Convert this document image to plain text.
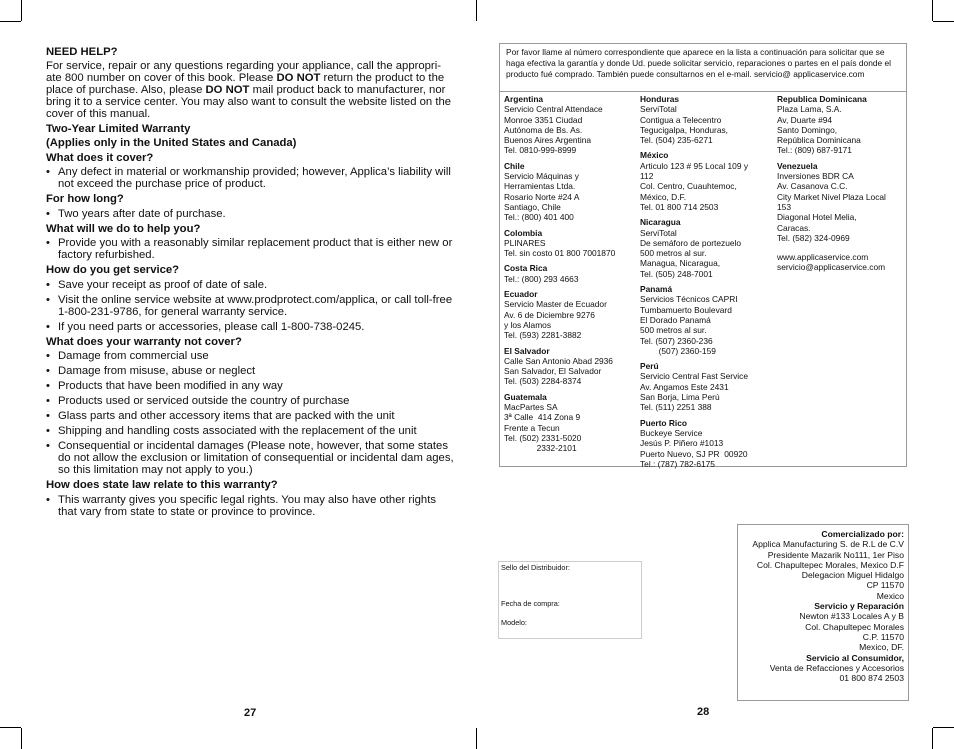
NEED HELP?

For service, repair or any questions regarding your appliance, call the appropri-ate 800 number on cover of this book. Please DO NOT return the product to the place of purchase. Also, please DO NOT mail product back to manufacturer, nor bring it to a service center. You may also want to consult the website listed on the cover of this manual.

Two-Year Limited Warranty
(Applies only in the United States and Canada)
What does it cover?
• Any defect in material or workmanship provided; however, Applica’s liability will not exceed the purchase price of product.
For how long?
• Two years after date of purchase.
What will we do to help you?
• Provide you with a reasonably similar replacement product that is either new or factory refurbished.
How do you get service?
• Save your receipt as proof of date of sale.
• Visit the online service website at www.prodprotect.com/applica, or call toll-free 1-800-231-9786, for general warranty service.
• If you need parts or accessories, please call 1-800-738-0245.
What does your warranty not cover?
• Damage from commercial use
• Damage from misuse, abuse or neglect
• Products that have been modified in any way
• Products used or serviced outside the country of purchase
• Glass parts and other accessory items that are packed with the unit
• Shipping and handling costs associated with the replacement of the unit
• Consequential or incidental damages (Please note, however, that some states do not allow the exclusion or limitation of consequential or incidental dam ages, so this limitation may not apply to you.)
How does state law relate to this warranty?
• This warranty gives you specific legal rights. You may also have other rights that vary from state to state or province to province.
27
Por favor llame al número correspondiente que aparece en la lista a continuación para solicitar que se haga efectiva la garantía y donde Ud. puede solicitar servicio, reparaciones o partes en el país donde el producto fué comprado. También puede consultarnos en el e-mail. servicio@ applicaservice.com
Argentina
Servicio Central Attendace
Monroe 3351 Ciudad
Autónoma de Bs. As.
Buenos Aires Argentina
Tel. 0810-999-8999
Chile
Servicio Máquinas y
Herramientas Ltda.
Rosario Norte #24 A
Santiago, Chile
Tel.: (800) 401 400
Colombia
PLINARES
Tel. sin costo 01 800 7001870
Costa Rica
Tel.: (800) 293 4663
Ecuador
Servicio Master de Ecuador
Av. 6 de Diciembre 9276
y los Alamos
Tel. (593) 2281-3882
El Salvador
Calle San Antonio Abad 2936
San Salvador, El Salvador
Tel. (503) 2284-8374
Guatemala
MacPartes SA
3ª Calle  414 Zona 9
Frente a Tecun
Tel. (502) 2331-5020
2332-2101
Honduras
ServiTotal
Contigua a Telecentro
Tegucigalpa, Honduras,
Tel. (504) 235-6271
México
Articulo 123 # 95 Local 109 y
112
Col. Centro, Cuauhtemoc,
México, D.F.
Tel. 01 800 714 2503
Nicaragua
ServiTotal
De semáforo de portezuelo
500 metros al sur.
Managua, Nicaragua,
Tel. (505) 248-7001
Panamá
Servicios Técnicos CAPRI
Tumbamuerto Boulevard
El Dorado Panamá
500 metros al sur.
Tel. (507) 2360-236
(507) 2360-159
Perú
Servicio Central Fast Service
Av. Angamos Este 2431
San Borja, Lima Perú
Tel. (511) 2251 388
Puerto Rico
Buckeye Service
Jesús P. Piñero #1013
Puerto Nuevo, SJ PR  00920
Tel.: (787) 782-6175
Republica Dominicana
Plaza Lama, S.A.
Av, Duarte #94
Santo Domingo,
República Dominicana
Tel.: (809) 687-9171
Venezuela
Inversiones BDR CA
Av. Casanova C.C.
City Market Nivel Plaza Local
153
Diagonal Hotel Melia,
Caracas.
Tel. (582) 324-0969
www.applicaservice.com
servicio@applicaservice.com
Sello del Distribuidor:
Fecha de compra:
Modelo:
Comercializado por:
Applica Manufacturing S. de R.L de C.V
Presidente Mazarik No111, 1er Piso
Col. Chapultepec Morales, Mexico D.F
Delegacion Miguel Hidalgo
CP 11570
Mexico
Servicio y Reparación
Newton #133 Locales A y B
Col. Chapultepec Morales
C.P. 11570
Mexico, DF.
Servicio al Consumidor,
Venta de Refacciones y Accesorios
01 800 874 2503
28
